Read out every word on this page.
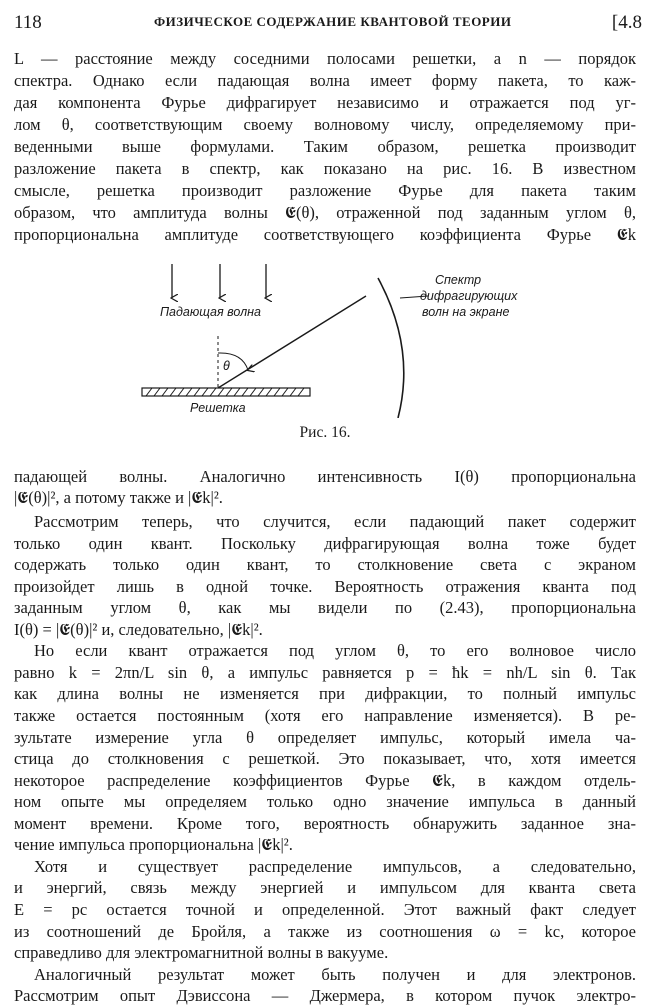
118	ФИЗИЧЕСКОЕ СОДЕРЖАНИЕ КВАНТОВОЙ ТЕОРИИ	[4.8
L — расстояние между соседними полосами решетки, а n — порядок
спектра. Однако если падающая волна имеет форму пакета, то каж-
дая компонента Фурье дифрагирует независимо и отражается под уг-
лом θ, соответствующим своему волновому числу, определяемому при-
веденными выше формулами. Таким образом, решетка производит
разложение пакета в спектр, как показано на рис. 16. В известном
смысле, решетка производит разложение Фурье для пакета таким
образом, что амплитуда волны 𝕰(θ), отраженной под заданным углом θ,
пропорциональна амплитуде соответствующего коэффициента Фурье 𝕰k
Падающая волна
θ
Спектр
дифрагирующих
волн на экране
Решетка
Рис. 16.
падающей волны. Аналогично интенсивность I(θ) пропорциональна
|𝕰(θ)|², а потому также и |𝕰k|².
Рассмотрим теперь, что случится, если падающий пакет содержит
только один квант. Поскольку дифрагирующая волна тоже будет
содержать только один квант, то столкновение света с экраном
произойдет лишь в одной точке. Вероятность отражения кванта под
заданным углом θ, как мы видели по (2.43), пропорциональна
I(θ) = |𝕰(θ)|² и, следовательно, |𝕰k|².
Но если квант отражается под углом θ, то его волновое число
равно k = 2πn/L sin θ, а импульс равняется p = ħk = nh/L sin θ. Так
как длина волны не изменяется при дифракции, то полный импульс
также остается постоянным (хотя его направление изменяется). В ре-
зультате измерение угла θ определяет импульс, который имела ча-
стица до столкновения с решеткой. Это показывает, что, хотя имеется
некоторое распределение коэффициентов Фурье 𝕰k, в каждом отдель-
ном опыте мы определяем только одно значение импульса в данный
момент времени. Кроме того, вероятность обнаружить заданное зна-
чение импульса пропорциональна |𝕰k|².
Хотя и существует распределение импульсов, а следовательно,
и энергий, связь между энергией и импульсом для кванта света
E = pc остается точной и определенной. Этот важный факт следует
из соотношений де Бройля, а также из соотношения ω = kc, которое
справедливо для электромагнитной волны в вакууме.
Аналогичный результат может быть получен и для электронов.
Рассмотрим опыт Дэвиссона — Джермера, в котором пучок электро-
